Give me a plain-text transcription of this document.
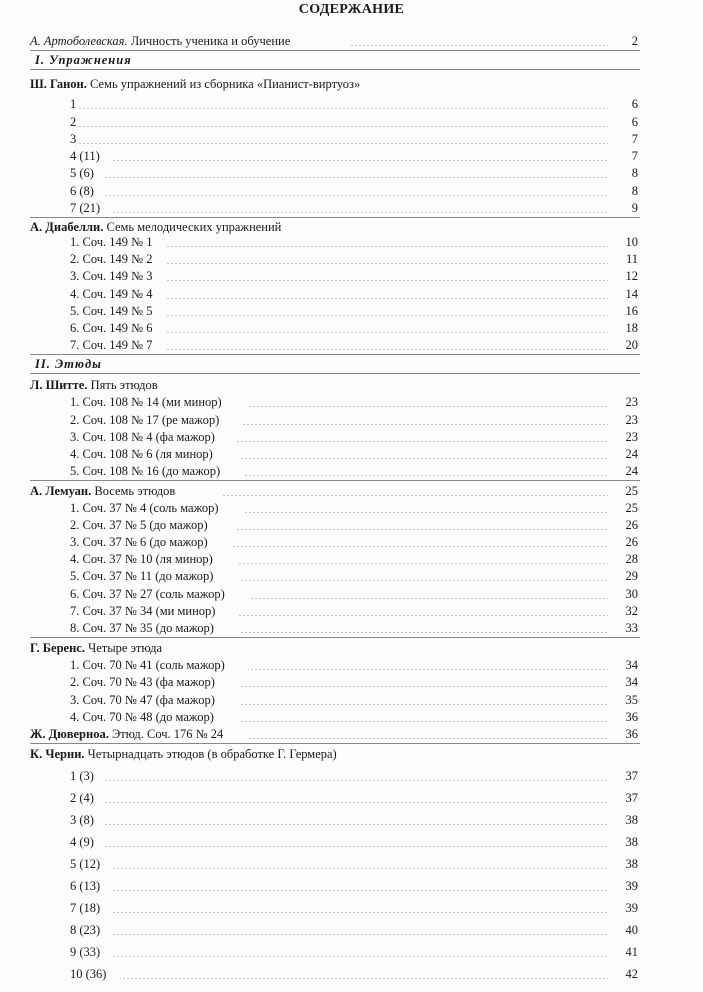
СОДЕРЖАНИЕ
А. Артоболевская. Личность ученика и обучение	2
I. Упражнения
Ш. Ганон. Семь упражнений из сборника «Пианист-виртуоз»
1	6
2	6
3	7
4 (11)	7
5 (6)	8
6 (8)	8
7 (21)	9
А. Диабелли. Семь мелодических упражнений
1. Соч. 149 № 1	10
2. Соч. 149 № 2	11
3. Соч. 149 № 3	12
4. Соч. 149 № 4	14
5. Соч. 149 № 5	16
6. Соч. 149 № 6	18
7. Соч. 149 № 7	20
II. Этюды
Л. Шитте. Пять этюдов
1. Соч. 108 № 14 (ми минор)	23
2. Соч. 108 № 17 (ре мажор)	23
3. Соч. 108 № 4 (фа мажор)	23
4. Соч. 108 № 6 (ля минор)	24
5. Соч. 108 № 16 (до мажор)	24
А. Лемуан. Восемь этюдов	25
1. Соч. 37 № 4 (соль мажор)	25
2. Соч. 37 № 5 (до мажор)	26
3. Соч. 37 № 6 (до мажор)	26
4. Соч. 37 № 10 (ля минор)	28
5. Соч. 37 № 11 (до мажор)	29
6. Соч. 37 № 27 (соль мажор)	30
7. Соч. 37 № 34 (ми минор)	32
8. Соч. 37 № 35 (до мажор)	33
Г. Беренс. Четыре этюда
1. Соч. 70 № 41 (соль мажор)	34
2. Соч. 70 № 43 (фа мажор)	34
3. Соч. 70 № 47 (фа мажор)	35
4. Соч. 70 № 48 (до мажор)	36
Ж. Дюверноа. Этюд. Соч. 176 № 24	36
К. Черни. Четырнадцать этюдов (в обработке Г. Гермера)
1 (3)	37
2 (4)	37
3 (8)	38
4 (9)	38
5 (12)	38
6 (13)	39
7 (18)	39
8 (23)	40
9 (33)	41
10 (36)	42
